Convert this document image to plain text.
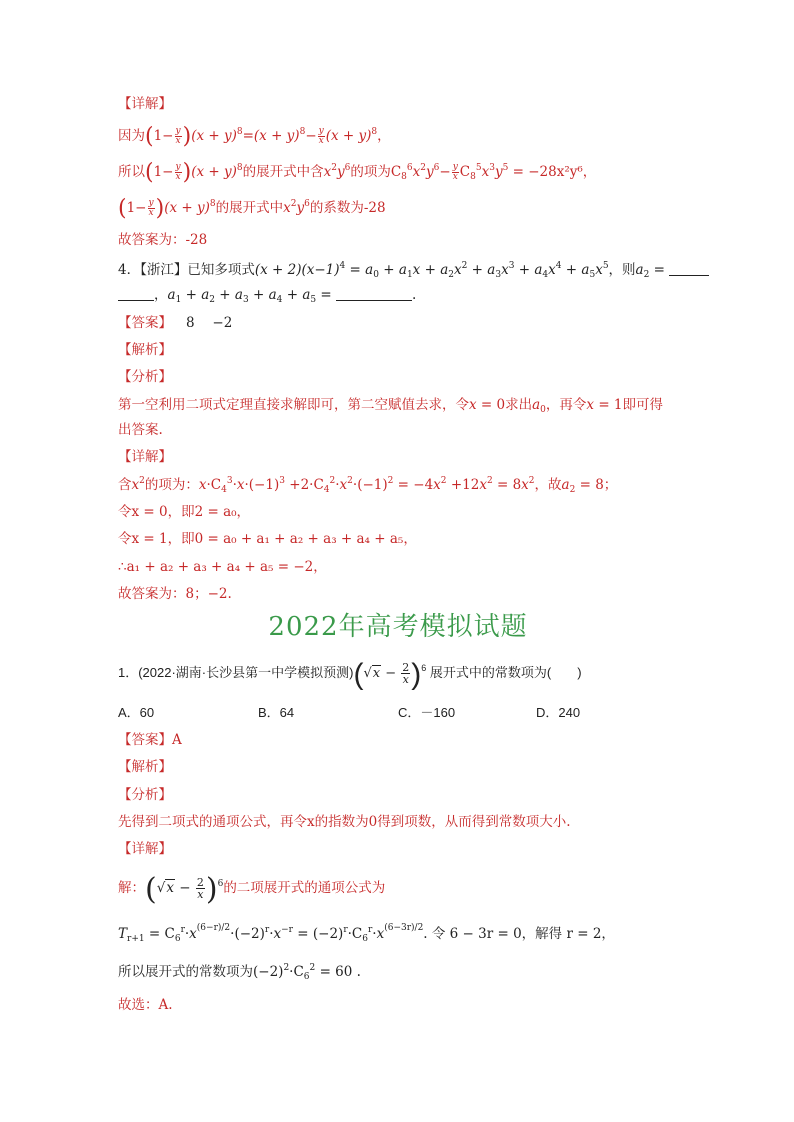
【详解】
因为$(1- \frac{y}{x} )(x + y)^8=(x + y)^8- \frac{y}{x} (x + y)^8$，
所以$(1- \frac{y}{x} )(x + y)^8$的展开式中含$x^2y^6$的项为$C_8^6x^2y^6- \frac{y}{x} C_8^5x^3y^5 = -28x^2y^6$，
$(1- \frac{y}{x} )(x + y)^8$的展开式中$x^2y^6$的系数为-28
故答案为：-28
4．【浙江】已知多项式$(x + 2)(x-1)^4 = a_0 + a_1x + a_2x^2 + a_3x^3 + a_4x^4 + a_5x^5$，则$a_2$ =
，$a_1 + a_2 + a_3 + a_4 + a_5$ =	.
【答案】 8　 −2
【解析】
【分析】
第一空利用二项式定理直接求解即可，第二空赋值去求，令x = 0求出$a_0$，再令x = 1即可得
出答案.
【详解】
含$x^2$的项为：$x\cdot C_4^3\cdot x\cdot(-1)^3 +2\cdot C_4^2\cdot x^2\cdot(-1)^2 = -4x^2 +12x^2 = 8x^2$，故$a_2 = 8$；
令x = 0，即2 = a₀，
令x = 1，即0 = a₀ + a₁ + a₂ + a₃ + a₄ + a₅，
∴a₁ + a₂ + a₃ + a₄ + a₅ = −2，
故答案为：8；−2.
2022年高考模拟试题
1．(2022·湖南·长沙县第一中学模拟预测)$(√x - \frac{2}{x} )^6$ 展开式中的常数项为(　　)
A．60	B．64	C．－160	D．240
【答案】A
【解析】
【分析】
先得到二项式的通项公式，再令x的指数为0得到项数，从而得到常数项大小.
【详解】
解：$(√x - \frac{2}{x} )^6$的二项展开式的通项公式为
$T_{r+1} = C_6^r\cdot x^{(6-r)/2}\cdot(-2)^r\cdot x^{-r} = (-2)^r\cdot C_6^r\cdot x^{(6-3r)/2}$. 令 6 − 3r = 0，解得 r = 2，
所以展开式的常数项为$(-2)^2\cdot C_6^2 = 60$ .
故选：A.
